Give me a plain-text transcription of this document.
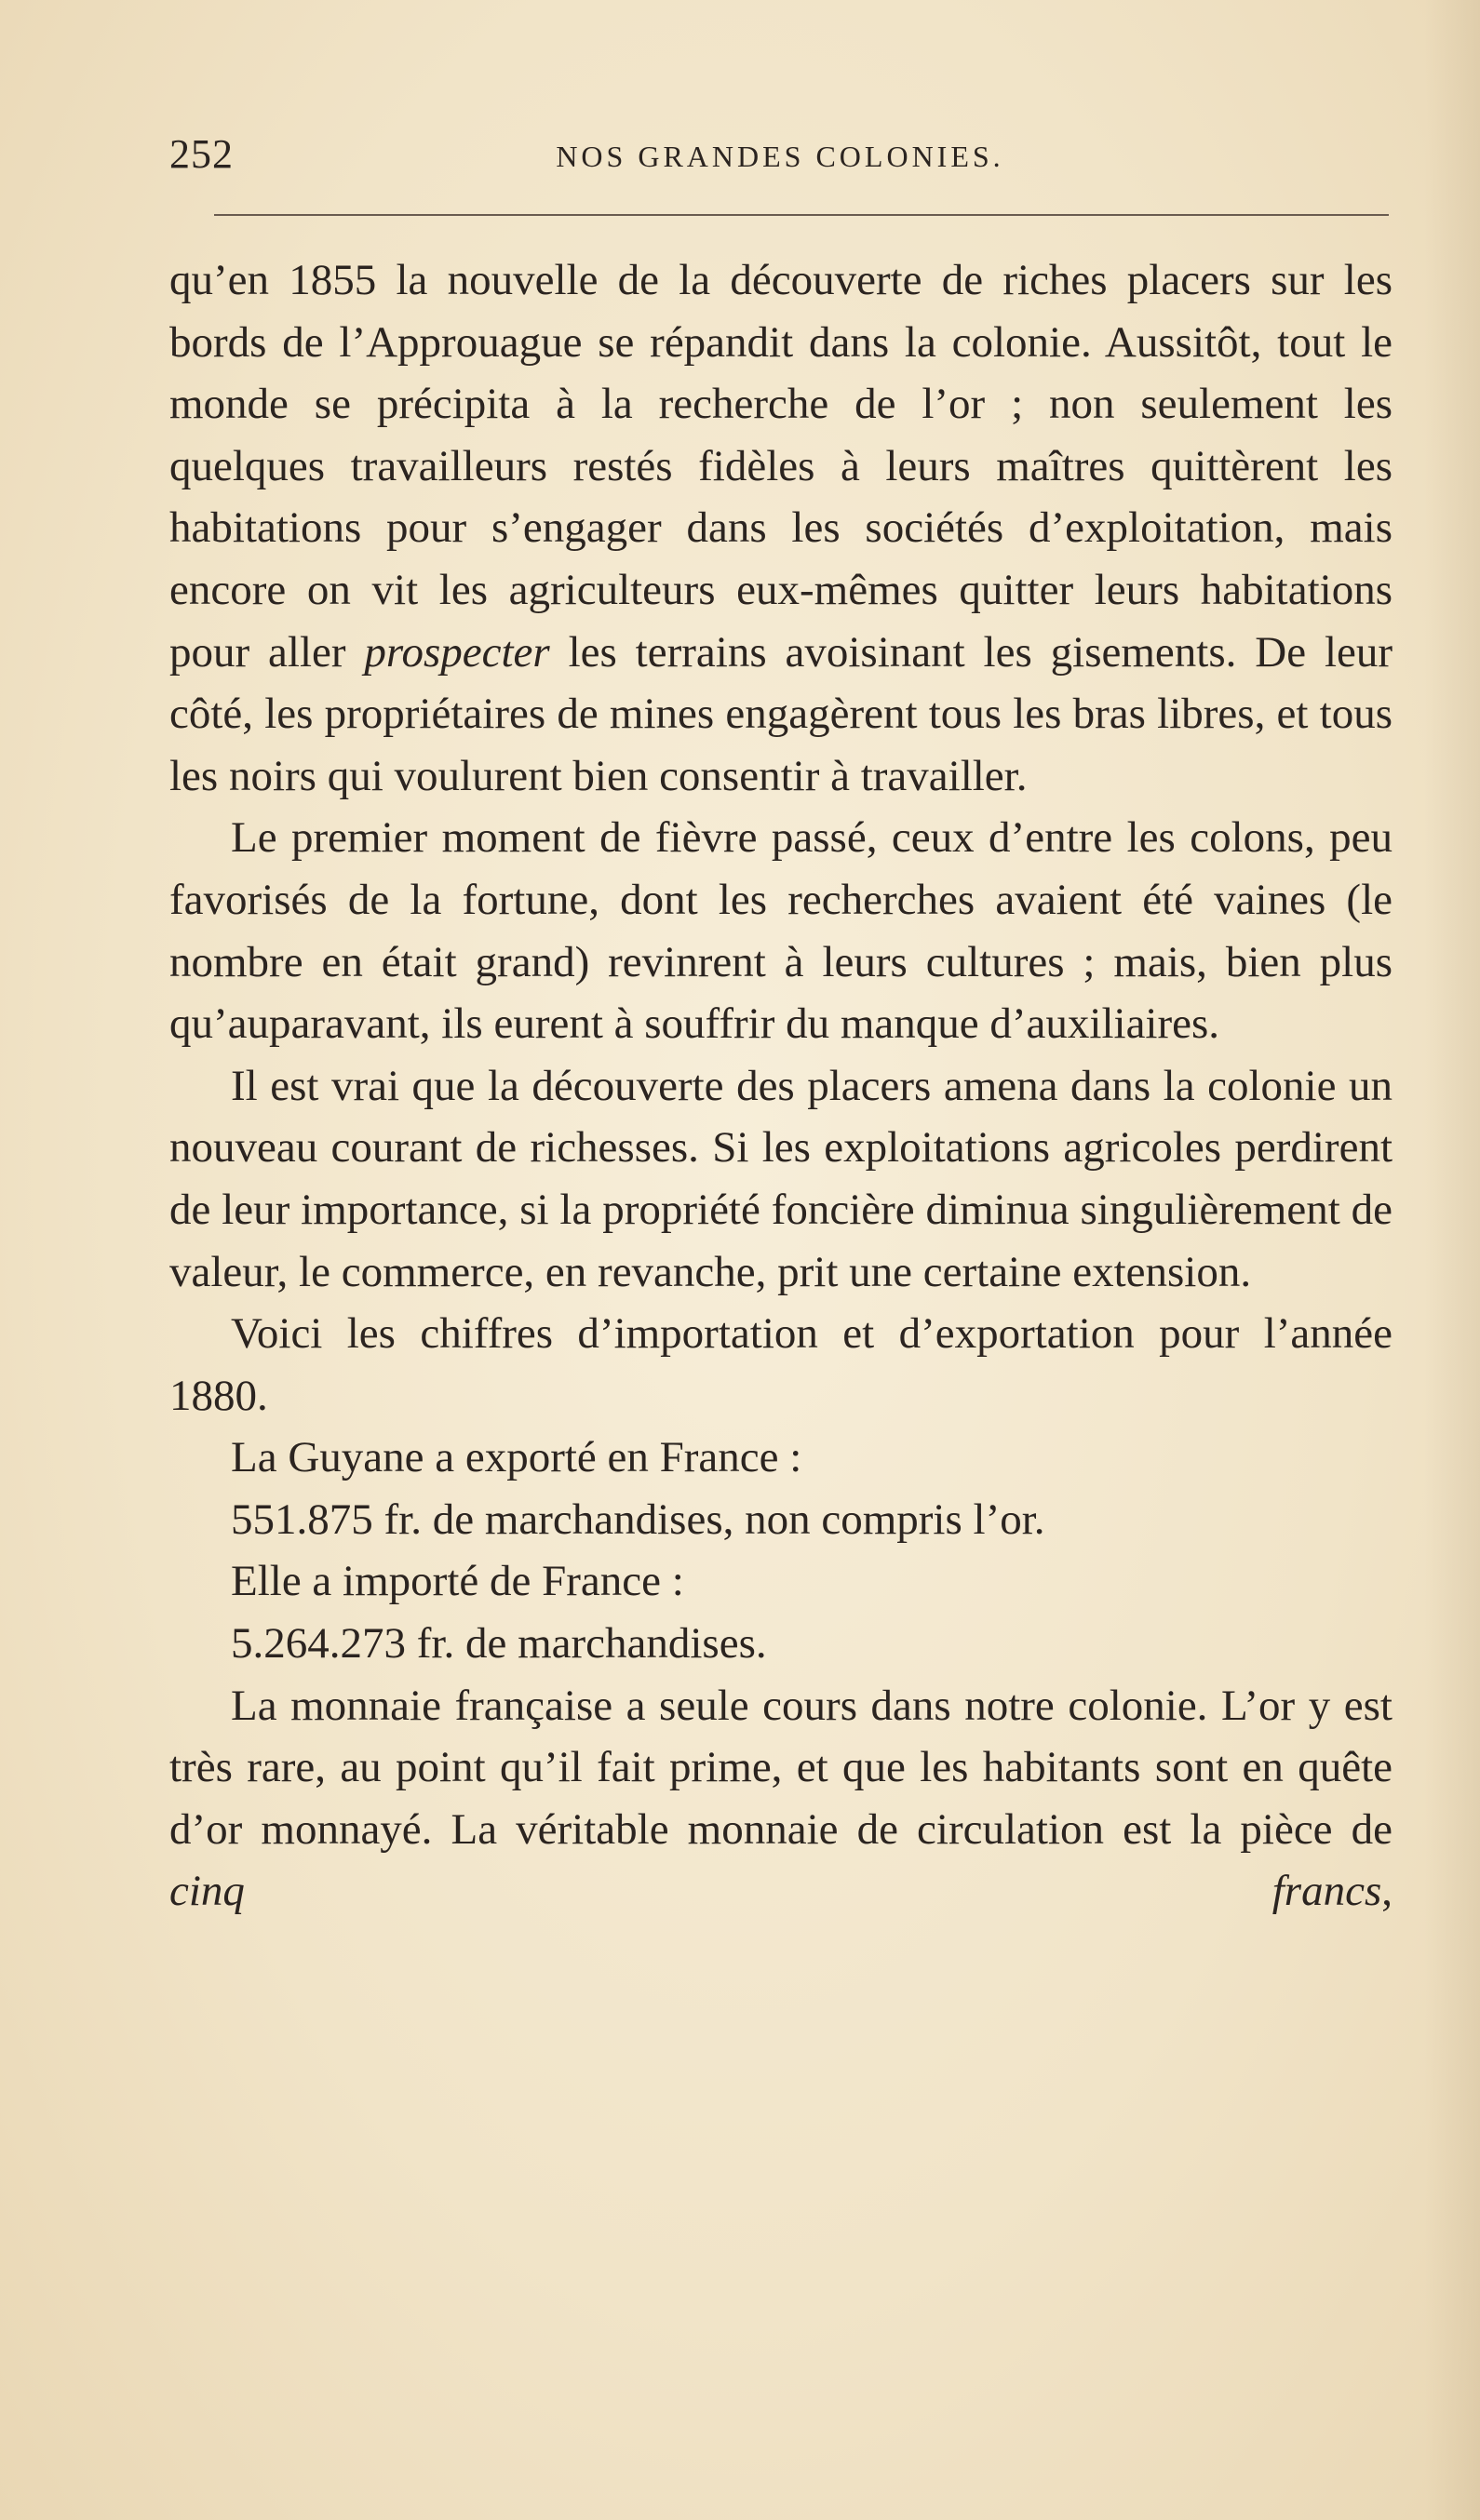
252	NOS GRANDES COLONIES.

qu’en 1855 la nouvelle de la découverte de riches placers sur les bords de l’Approuague se répandit dans la colonie. Aussitôt, tout le monde se précipita à la recherche de l’or ; non seulement les quelques travailleurs restés fidèles à leurs maîtres quittèrent les habitations pour s’engager dans les sociétés d’exploitation, mais encore on vit les agriculteurs eux-mêmes quitter leurs habitations pour aller prospecter les terrains avoisinant les gisements. De leur côté, les propriétaires de mines engagèrent tous les bras libres, et tous les noirs qui voulurent bien consentir à travailler.

Le premier moment de fièvre passé, ceux d’entre les colons, peu favorisés de la fortune, dont les recherches avaient été vaines (le nombre en était grand) revinrent à leurs cultures ; mais, bien plus qu’auparavant, ils eurent à souffrir du manque d’auxiliaires.

Il est vrai que la découverte des placers amena dans la colonie un nouveau courant de richesses. Si les exploitations agricoles perdirent de leur importance, si la propriété foncière diminua singulièrement de valeur, le commerce, en revanche, prit une certaine extension.

Voici les chiffres d’importation et d’exportation pour l’année 1880.

La Guyane a exporté en France :

551.875 fr. de marchandises, non compris l’or.

Elle a importé de France :

5.264.273 fr. de marchandises.

La monnaie française a seule cours dans notre colonie. L’or y est très rare, au point qu’il fait prime, et que les habitants sont en quête d’or monnayé. La véritable monnaie de circulation est la pièce de cinq francs,
